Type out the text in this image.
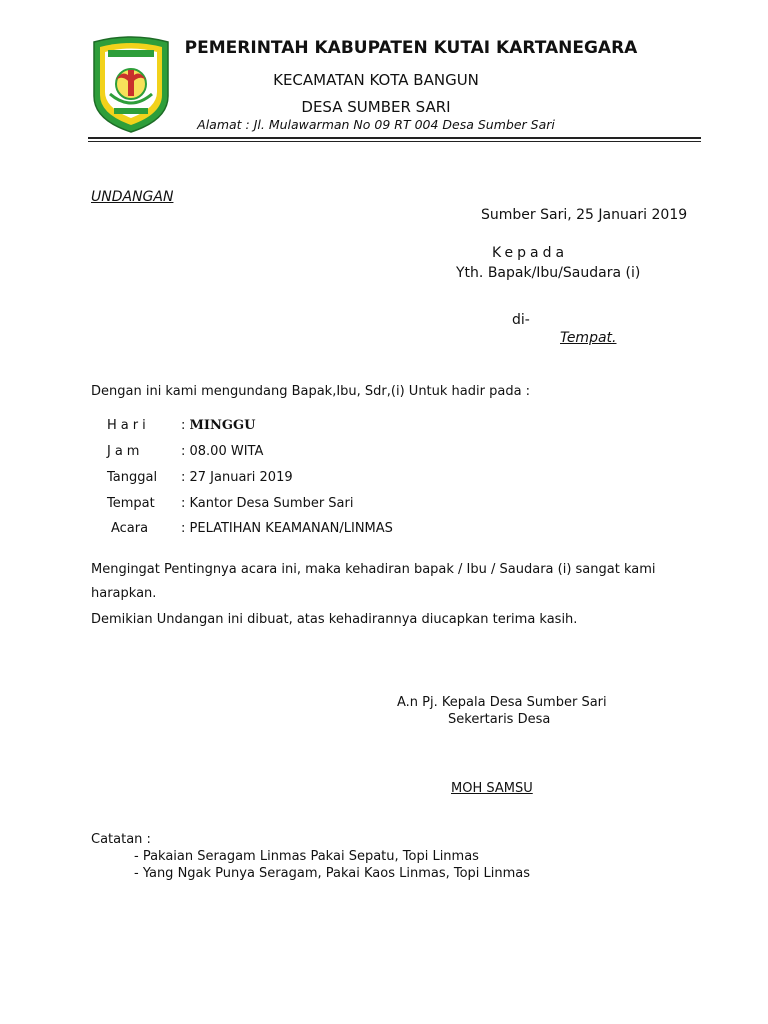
PEMERINTAH KABUPATEN KUTAI KARTANEGARA
KECAMATAN KOTA BANGUN
DESA SUMBER SARI
Alamat : Jl. Mulawarman No 09 RT 004 Desa Sumber Sari
UNDANGAN
Sumber Sari, 25 Januari 2019
Kepada
Yth. Bapak/Ibu/Saudara (i)
di-
Tempat.
Dengan ini kami mengundang Bapak,Ibu, Sdr,(i) Untuk hadir pada :
Hari : MINGGU
Jam	: 08.00 WITA
Tanggal : 27 Januari 2019
Tempat : Kantor Desa Sumber Sari
Acara	: PELATIHAN KEAMANAN/LINMAS
Mengingat Pentingnya acara ini, maka kehadiran bapak / Ibu / Saudara (i) sangat kami
harapkan.
Demikian Undangan ini dibuat, atas kehadirannya diucapkan terima kasih.
A.n Pj. Kepala Desa Sumber Sari
Sekertaris Desa
MOH SAMSU
Catatan :
- Pakaian Seragam Linmas Pakai Sepatu, Topi Linmas
- Yang Ngak Punya Seragam, Pakai Kaos Linmas, Topi Linmas
